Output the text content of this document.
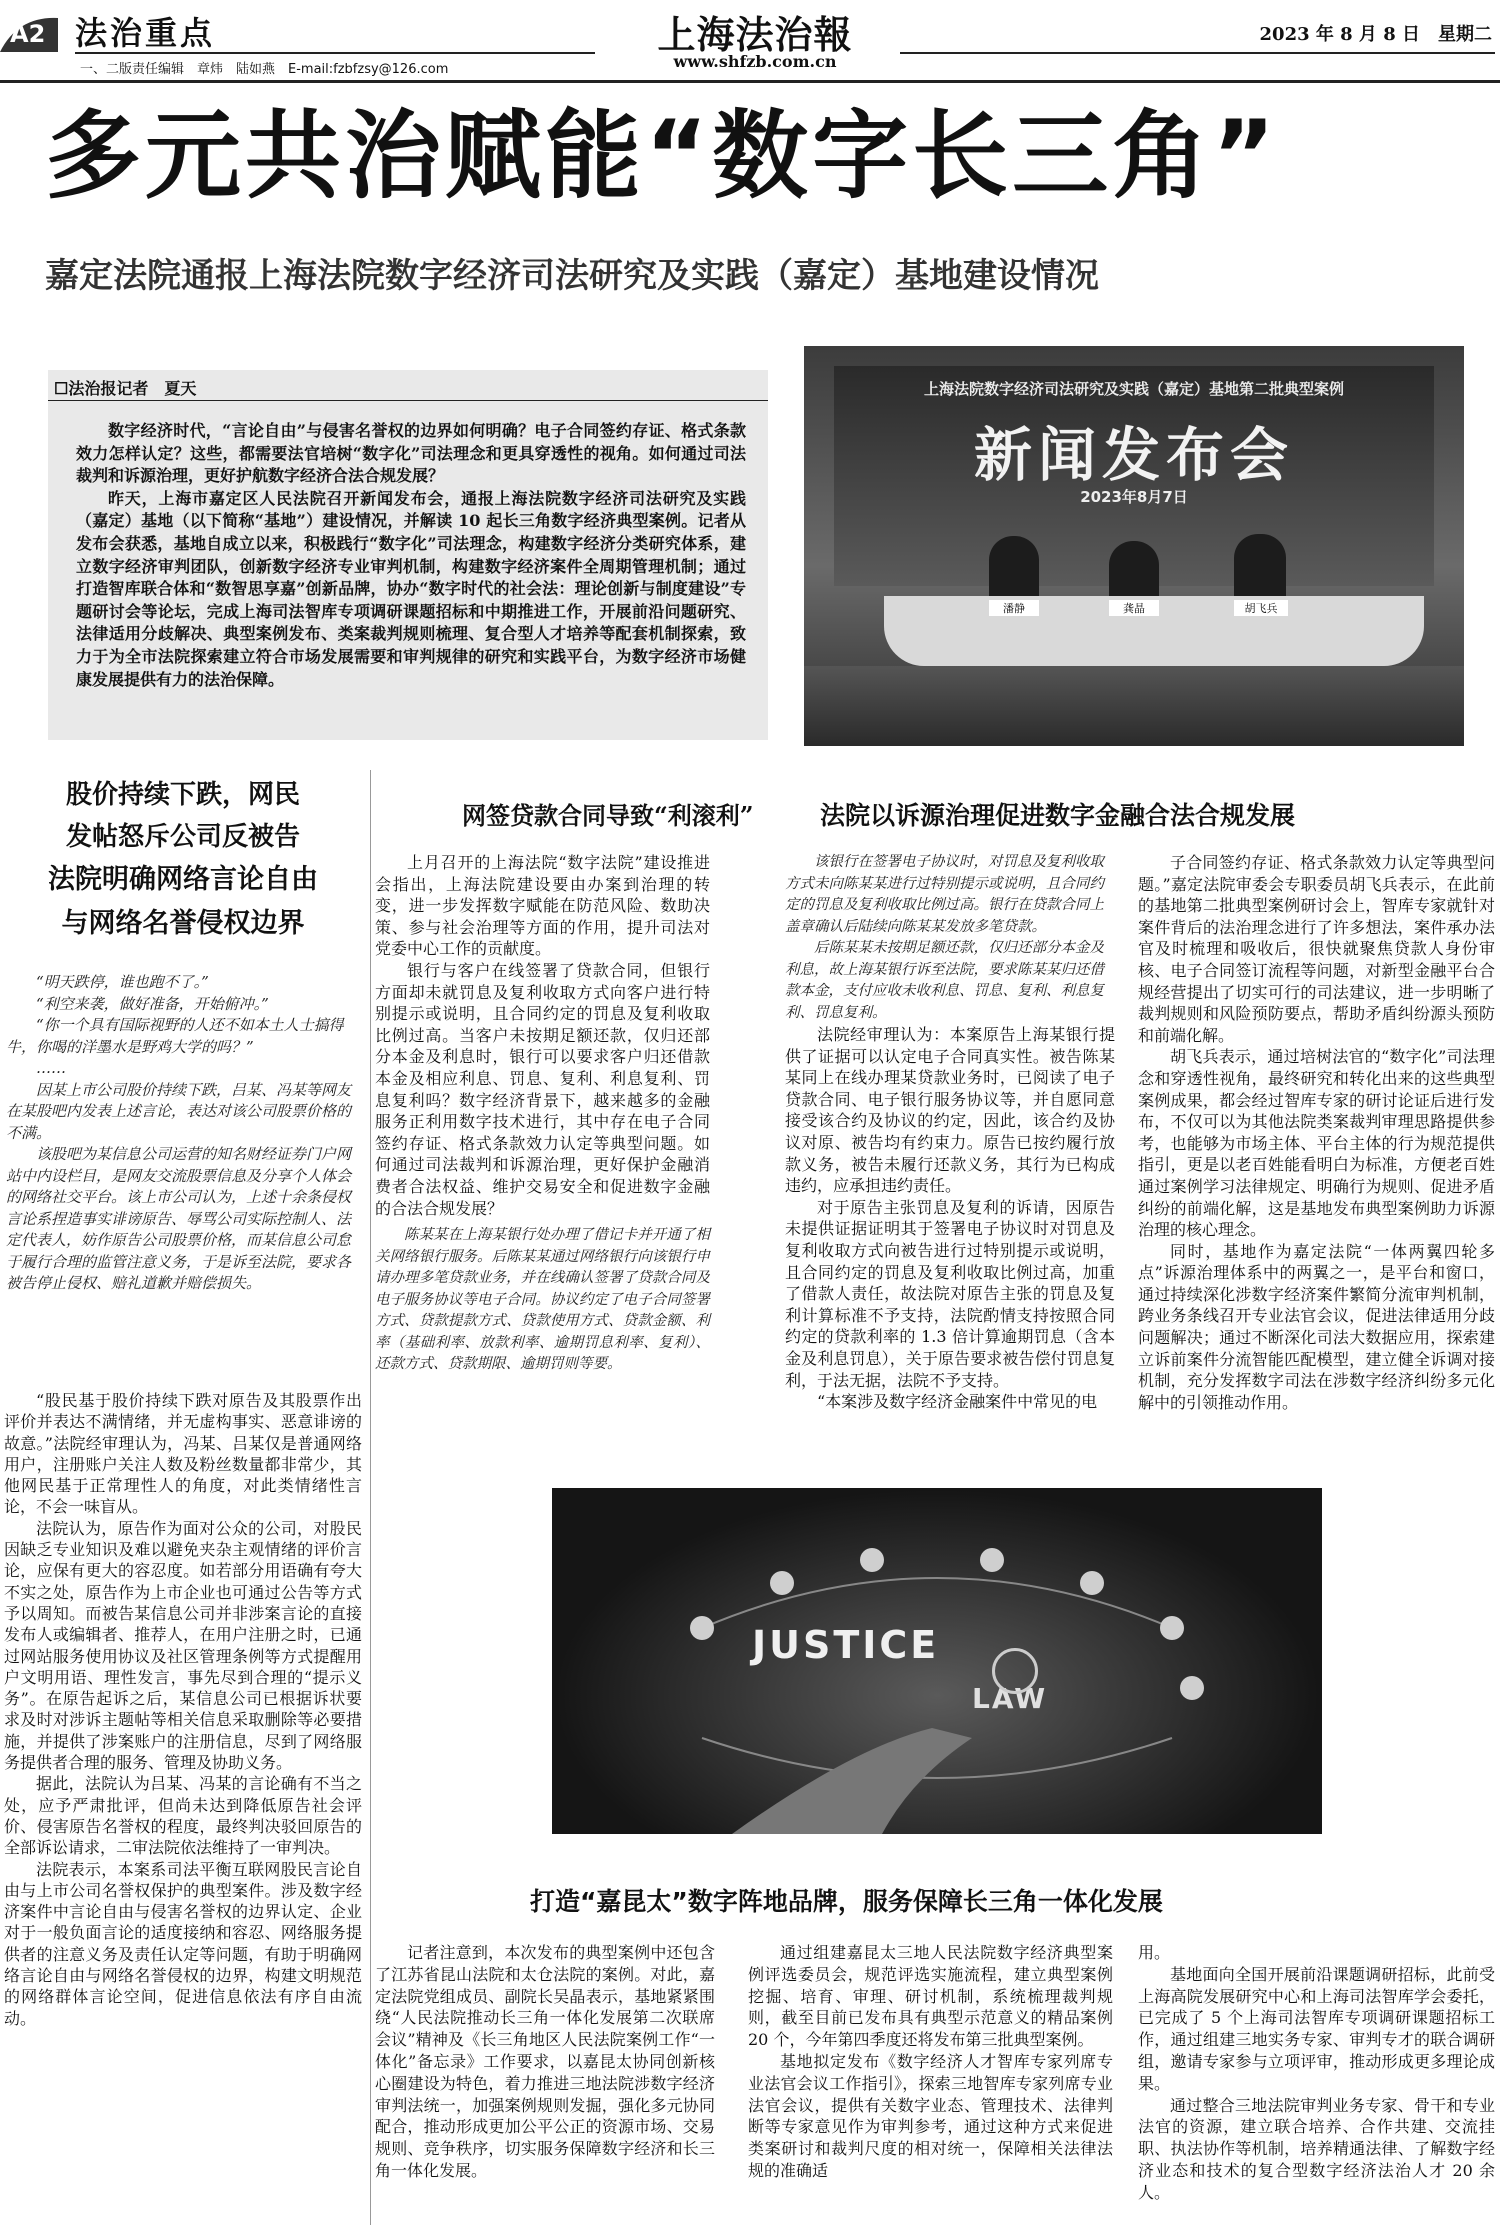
A2 法治重点	上海法治報
www.shfzb.com.cn
2023 年 8 月 8 日　星期二
一、二版责任编辑　章炜　陆如燕　E-mail:fzbfzsy@126.com
多元共治赋能“数字长三角”
嘉定法院通报上海法院数字经济司法研究及实践（嘉定）基地建设情况
☐法治报记者　夏天

数字经济时代，“言论自由”与侵害名誉权的边界如何明确？电子合同签约存证、格式条款效力怎样认定？这些，都需要法官培树“数字化”司法理念和更具穿透性的视角。如何通过司法裁判和诉源治理，更好护航数字经济合法合规发展？

昨天，上海市嘉定区人民法院召开新闻发布会，通报上海法院数字经济司法研究及实践（嘉定）基地（以下简称“基地”）建设情况，并解读 10 起长三角数字经济典型案例。记者从发布会获悉，基地自成立以来，积极践行“数字化”司法理念，构建数字经济分类研究体系，建立数字经济审判团队，创新数字经济专业审判机制，构建数字经济案件全周期管理机制；通过打造智库联合体和“数智思享嘉”创新品牌，协办“数字时代的社会法：理论创新与制度建设”专题研讨会等论坛，完成上海司法智库专项调研课题招标和中期推进工作，开展前沿问题研究、法律适用分歧解决、典型案例发布、类案裁判规则梳理、复合型人才培养等配套机制探索，致力于为全市法院探索建立符合市场发展需要和审判规律的研究和实践平台，为数字经济市场健康发展提供有力的法治保障。

上海法院数字经济司法研究及实践（嘉定）基地第二批典型案例
新闻发布会
2023年8月7日
潘静	龚晶	胡飞兵
股价持续下跌，网民
发帖怒斥公司反被告
法院明确网络言论自由
与网络名誉侵权边界

“明天跌停，谁也跑不了。”

“利空来袭，做好准备，开始俯冲。”

“你一个具有国际视野的人还不如本土人士搞得牛，你喝的洋墨水是野鸡大学的吗？”

……

因某上市公司股价持续下跌，吕某、冯某等网友在某股吧内发表上述言论，表达对该公司股票价格的不满。

该股吧为某信息公司运营的知名财经证券门户网站中内设栏目，是网友交流股票信息及分享个人体会的网络社交平台。该上市公司认为，上述十余条侵权言论系捏造事实诽谤原告、辱骂公司实际控制人、法定代表人，妨作原告公司股票价格，而某信息公司怠于履行合理的监管注意义务，于是诉至法院，要求各被告停止侵权、赔礼道歉并赔偿损失。

“股民基于股价持续下跌对原告及其股票作出评价并表达不满情绪，并无虚构事实、恶意诽谤的故意。”法院经审理认为，冯某、吕某仅是普通网络用户，注册账户关注人数及粉丝数量都非常少，其他网民基于正常理性人的角度，对此类情绪性言论，不会一味盲从。

法院认为，原告作为面对公众的公司，对股民因缺乏专业知识及难以避免夹杂主观情绪的评价言论，应保有更大的容忍度。如若部分用语确有夸大不实之处，原告作为上市企业也可通过公告等方式予以周知。而被告某信息公司并非涉案言论的直接发布人或编辑者、推荐人，在用户注册之时，已通过网站服务使用协议及社区管理条例等方式提醒用户文明用语、理性发言，事先尽到合理的“提示义务”。在原告起诉之后，某信息公司已根据诉状要求及时对涉诉主题帖等相关信息采取删除等必要措施，并提供了涉案账户的注册信息，尽到了网络服务提供者合理的服务、管理及协助义务。

据此，法院认为吕某、冯某的言论确有不当之处，应予严肃批评，但尚未达到降低原告社会评价、侵害原告名誉权的程度，最终判决驳回原告的全部诉讼请求，二审法院依法维持了一审判决。

法院表示，本案系司法平衡互联网股民言论自由与上市公司名誉权保护的典型案件。涉及数字经济案件中言论自由与侵害名誉权的边界认定、企业对于一般负面言论的适度接纳和容忍、网络服务提供者的注意义务及责任认定等问题，有助于明确网络言论自由与网络名誉侵权的边界，构建文明规范的网络群体言论空间，促进信息依法有序自由流动。

网签贷款合同导致“利滚利”	法院以诉源治理促进数字金融合法合规发展

上月召开的上海法院“数字法院”建设推进会指出，上海法院建设要由办案到治理的转变，进一步发挥数字赋能在防范风险、数助决策、参与社会治理等方面的作用，提升司法对党委中心工作的贡献度。

银行与客户在线签署了贷款合同，但银行方面却未就罚息及复利收取方式向客户进行特别提示或说明，且合同约定的罚息及复利收取比例过高。当客户未按期足额还款，仅归还部分本金及利息时，银行可以要求客户归还借款本金及相应利息、罚息、复利、利息复利、罚息复利吗？数字经济背景下，越来越多的金融服务正利用数字技术进行，其中存在电子合同签约存证、格式条款效力认定等典型问题。如何通过司法裁判和诉源治理，更好保护金融消费者合法权益、维护交易安全和促进数字金融的合法合规发展？

陈某某在上海某银行处办理了借记卡并开通了相关网络银行服务。后陈某某通过网络银行向该银行申请办理多笔贷款业务，并在线确认签署了贷款合同及电子服务协议等电子合同。协议约定了电子合同签署方式、贷款提款方式、贷款使用方式、贷款金额、利率（基础利率、放款利率、逾期罚息利率、复利）、还款方式、贷款期限、逾期罚则等要。

该银行在签署电子协议时，对罚息及复利收取方式未向陈某某进行过特别提示或说明，且合同约定的罚息及复利收取比例过高。银行在贷款合同上盖章确认后陆续向陈某某发放多笔贷款。

后陈某某未按期足额还款，仅归还部分本金及利息，故上海某银行诉至法院，要求陈某某归还借款本金，支付应收未收利息、罚息、复利、利息复利、罚息复利。

法院经审理认为：本案原告上海某银行提供了证据可以认定电子合同真实性。被告陈某某同上在线办理某贷款业务时，已阅读了电子贷款合同、电子银行服务协议等，并自愿同意接受该合约及协议的约定，因此，该合约及协议对原、被告均有约束力。原告已按约履行放款义务，被告未履行还款义务，其行为已构成违约，应承担违约责任。

对于原告主张罚息及复利的诉请，因原告未提供证据证明其于签署电子协议时对罚息及复利收取方式向被告进行过特别提示或说明，且合同约定的罚息及复利收取比例过高，加重了借款人责任，故法院对原告主张的罚息及复利计算标准不予支持，法院酌情支持按照合同约定的贷款利率的 1.3 倍计算逾期罚息（含本金及利息罚息），关于原告要求被告偿付罚息复利，于法无据，法院不予支持。

“本案涉及数字经济金融案件中常见的电

子合同签约存证、格式条款效力认定等典型问题。”嘉定法院审委会专职委员胡飞兵表示，在此前的基地第二批典型案例研讨会上，智库专家就针对案件背后的法治理念进行了许多想法，案件承办法官及时梳理和吸收后，很快就聚焦贷款人身份审核、电子合同签订流程等问题，对新型金融平台合规经营提出了切实可行的司法建议，进一步明晰了裁判规则和风险预防要点，帮助矛盾纠纷源头预防和前端化解。

胡飞兵表示，通过培树法官的“数字化”司法理念和穿透性视角，最终研究和转化出来的这些典型案例成果，都会经过智库专家的研讨论证后进行发布，不仅可以为其他法院类案裁判审理思路提供参考，也能够为市场主体、平台主体的行为规范提供指引，更是以老百姓能看明白为标准，方便老百姓通过案例学习法律规定、明确行为规则、促进矛盾纠纷的前端化解，这是基地发布典型案例助力诉源治理的核心理念。

同时，基地作为嘉定法院“一体两翼四轮多点”诉源治理体系中的两翼之一，是平台和窗口，通过持续深化涉数字经济案件繁简分流审判机制，跨业务条线召开专业法官会议，促进法律适用分歧问题解决；通过不断深化司法大数据应用，探索建立诉前案件分流智能匹配模型，建立健全诉调对接机制，充分发挥数字司法在涉数字经济纠纷多元化解中的引领推动作用。

JUSTICE
LAW
打造“嘉昆太”数字阵地品牌，服务保障长三角一体化发展

记者注意到，本次发布的典型案例中还包含了江苏省昆山法院和太仓法院的案例。对此，嘉定法院党组成员、副院长吴晶表示，基地紧紧围绕“人民法院推动长三角一体化发展第二次联席会议”精神及《长三角地区人民法院案例工作“一体化”备忘录》工作要求，以嘉昆太协同创新核心圈建设为特色，着力推进三地法院涉数字经济审判法统一，加强案例规则发掘，强化多元协同配合，推动形成更加公平公正的资源市场、交易规则、竞争秩序，切实服务保障数字经济和长三角一体化发展。

通过组建嘉昆太三地人民法院数字经济典型案例评选委员会，规范评选实施流程，建立典型案例挖掘、培育、审理、研讨机制，系统梳理裁判规则，截至目前已发布具有典型示范意义的精品案例 20 个，今年第四季度还将发布第三批典型案例。

基地拟定发布《数字经济人才智库专家列席专业法官会议工作指引》，探索三地智库专家列席专业法官会议，提供有关数字业态、管理技术、法律判断等专家意见作为审判参考，通过这种方式来促进类案研讨和裁判尺度的相对统一，保障相关法律法规的准确适

用。

基地面向全国开展前沿课题调研招标，此前受上海高院发展研究中心和上海司法智库学会委托，已完成了 5 个上海司法智库专项调研课题招标工作，通过组建三地实务专家、审判专才的联合调研组，邀请专家参与立项评审，推动形成更多理论成果。

通过整合三地法院审判业务专家、骨干和专业法官的资源，建立联合培养、合作共建、交流挂职、执法协作等机制，培养精通法律、了解数字经济业态和技术的复合型数字经济法治人才 20 余人。
